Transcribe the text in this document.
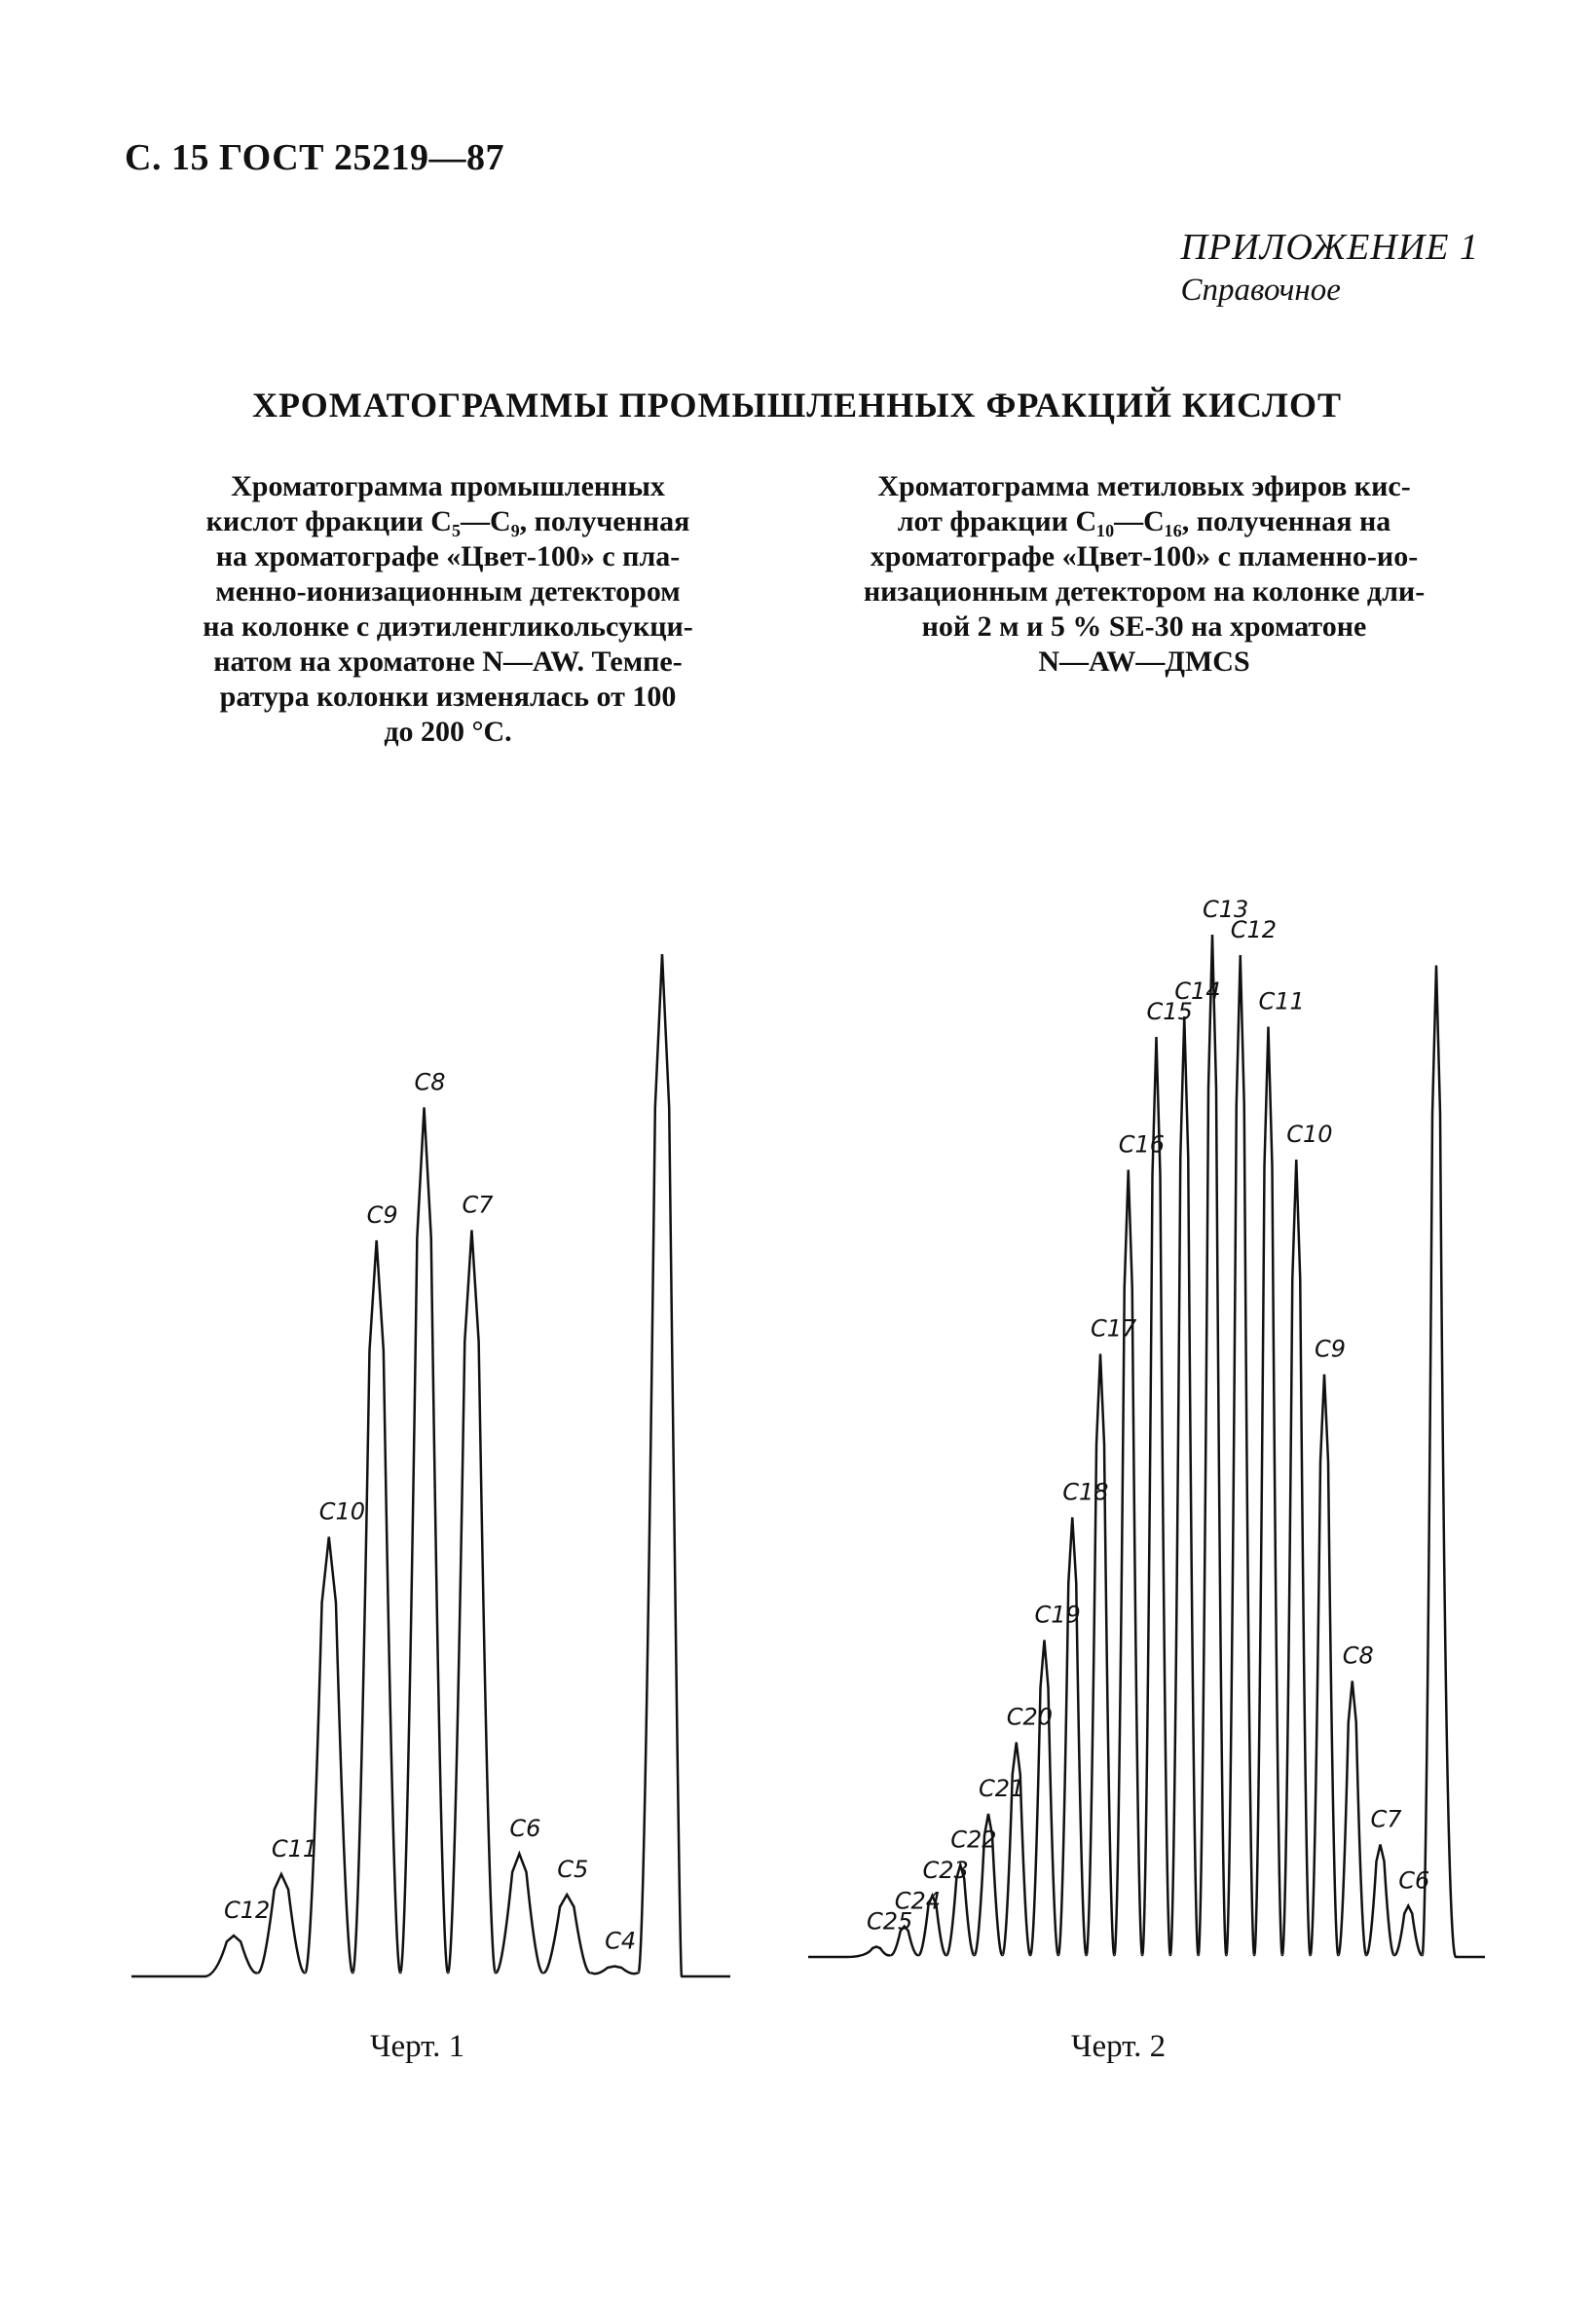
С. 15 ГОСТ 25219—87
ПРИЛОЖЕНИЕ 1
Справочное
ХРОМАТОГРАММЫ ПРОМЫШЛЕННЫХ ФРАКЦИЙ КИСЛОТ
Хроматограмма промышленных
кислот фракции C₅—C₉, полученная
на хроматографе «Цвет-100» с пла-
менно-ионизационным детектором
на колонке с диэтиленгликольсукци-
натом на хроматоне N—AW. Темпе-
ратура колонки изменялась от 100
до 200 °C.
Хроматограмма метиловых эфиров кис-
лот фракции C₁₀—C₁₆, полученная на
хроматографе «Цвет-100» с пламенно-ио-
низационным детектором на колонке дли-
ной 2 м и 5 % SE-30 на хроматоне
N—AW—ДМСS
C12
C11
C10
C9
C8
C7
C6
C5
C4
C25
C24
C23
C22
C21
C20
C19
C18
C17
C16
C15
C14
C13
C12
C11
C10
C9
C8
C7
C6
Черт. 1	Черт. 2
